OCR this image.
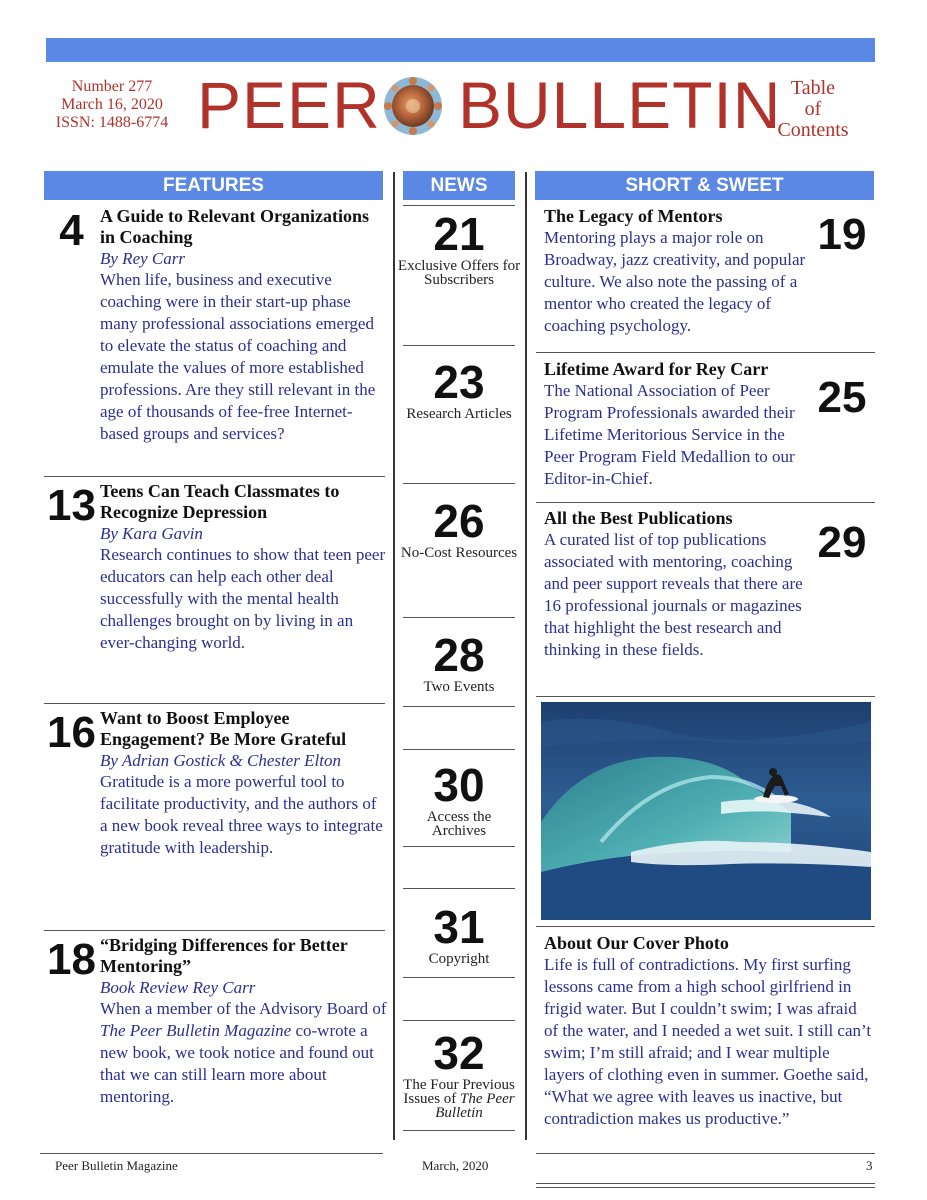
Number 277
March 16, 2020
ISSN: 1488-6774 PEER BULLETIN Table
of
Contents
FEATURES	NEWS	SHORT & SWEET
4 A Guide to Relevant Organizations in Coaching
By Rey Carr
When life, business and executive coaching were in their start-up phase many professional associations emerged to elevate the status of coaching and emulate the values of more established professions. Are they still relevant in the age of thousands of fee-free Internet-based groups and services?
13 Teens Can Teach Classmates to Recognize Depression
By Kara Gavin
Research continues to show that teen peer educators can help each other deal successfully with the mental health challenges brought on by living in an ever-changing world.
16 Want to Boost Employee Engagement? Be More Grateful
By Adrian Gostick & Chester Elton
Gratitude is a more powerful tool to facilitate productivity, and the authors of a new book reveal three ways to integrate gratitude with leadership.
18 “Bridging Differences for Better Mentoring”
Book Review Rey Carr
When a member of the Advisory Board of The Peer Bulletin Magazine co-wrote a new book, we took notice and found out that we can still learn more about mentoring.
21
Exclusive Offers for Subscribers
23
Research Articles
26
No-Cost Resources
28
Two Events
30
Access the Archives
31
Copyright
32
The Four Previous Issues of The Peer Bulletin
19
The Legacy of Mentors
Mentoring plays a major role on Broadway, jazz creativity, and popular culture. We also note the passing of a mentor who created the legacy of coaching psychology.
25
Lifetime Award for Rey Carr
The National Association of Peer Program Professionals awarded their Lifetime Meritorious Service in the Peer Program Field Medallion to our Editor-in-Chief.
29
All the Best Publications
A curated list of top publications associated with mentoring, coaching and peer support reveals that there are 16 professional journals or magazines that highlight the best research and thinking in these fields.
About Our Cover Photo
Life is full of contradictions. My first surfing lessons came from a high school girlfriend in frigid water. But I couldn’t swim; I was afraid of the water, and I needed a wet suit. I still can’t swim; I’m still afraid; and I wear multiple layers of clothing even in summer. Goethe said, “What we agree with leaves us inactive, but contradiction makes us productive.”
Peer Bulletin Magazine	March, 2020	3
